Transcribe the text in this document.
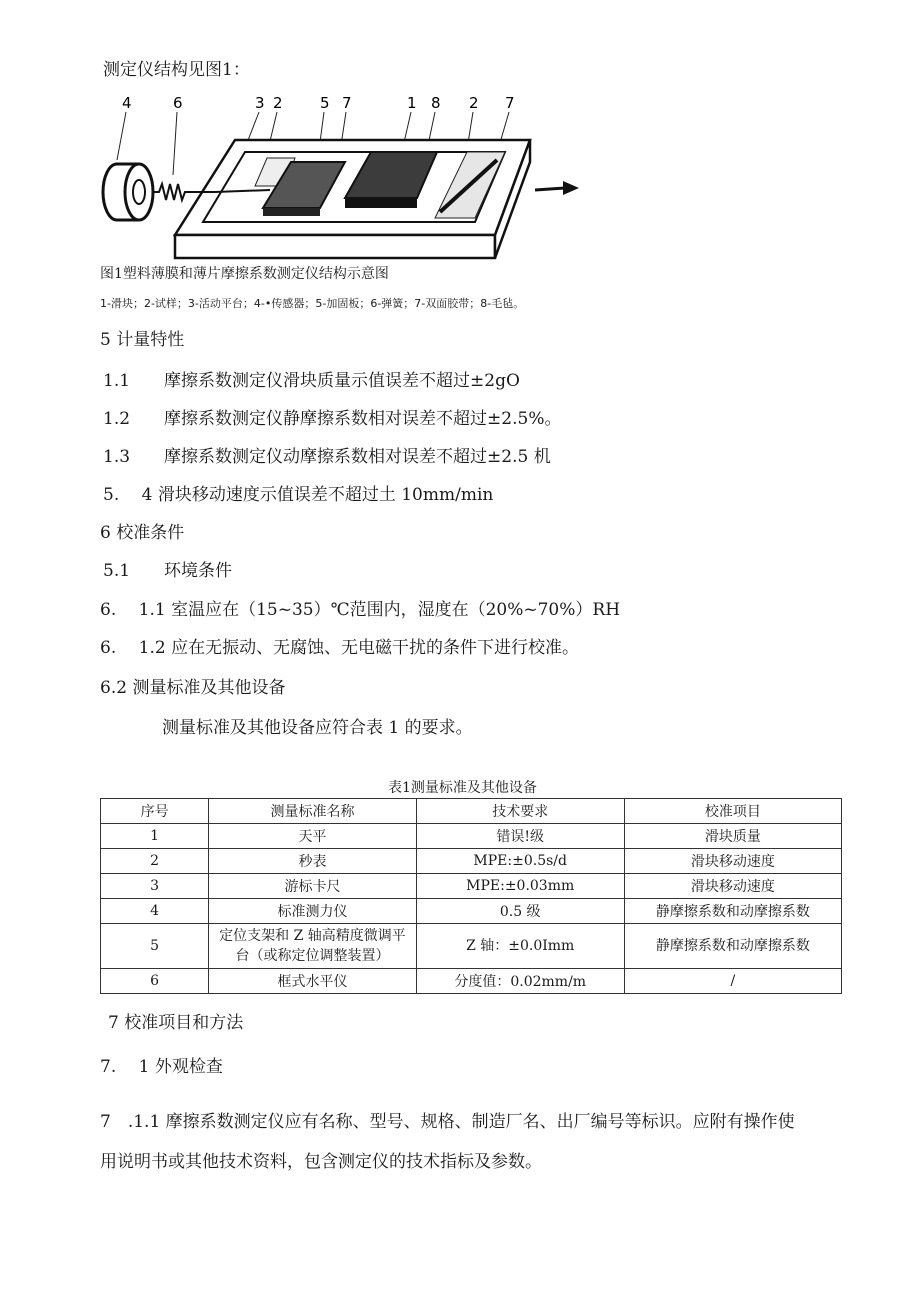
测定仪结构见图1：
4	6	3 2 5 7	1 8 2 7
图1塑料薄膜和薄片摩擦系数测定仪结构示意图
1-滑块；2-试样；3-活动平台；4-•传感器；5-加固板；6-弹簧；7-双面胶带；8-毛毡。
5 计量特性
1.1　　摩擦系数测定仪滑块质量示值误差不超过±2gO
1.2　　摩擦系数测定仪静摩擦系数相对误差不超过±2.5%。
1.3　　摩擦系数测定仪动摩擦系数相对误差不超过±2.5 机
5.　 4 滑块移动速度示值误差不超过土 10mm/min
6 校准条件
5.1　　环境条件
6.　 1.1 室温应在（15~35）℃范围内，湿度在（20%~70%）RH
6.　 1.2 应在无振动、无腐蚀、无电磁干扰的条件下进行校准。
6.2 测量标准及其他设备
测量标准及其他设备应符合表 1 的要求。
表1测量标准及其他设备
序号	测量标准名称	技术要求	校准项目
1	天平	错误!级	滑块质量
2	秒表	MPE:±0.5s/d	滑块移动速度
3	游标卡尺	MPE:±0.03mm	滑块移动速度
4	标准测力仪	0.5 级	静摩擦系数和动摩擦系数
5	定位支架和 Z 轴高精度微调平台（或称定位调整装置）	Z 轴：±0.0Imm	静摩擦系数和动摩擦系数
6	框式水平仪	分度值：0.02mm/m	/
7 校准项目和方法
7.　 1 外观检查
7　.1.1 摩擦系数测定仪应有名称、型号、规格、制造厂名、出厂编号等标识。应附有操作使
用说明书或其他技术资料，包含测定仪的技术指标及参数。
